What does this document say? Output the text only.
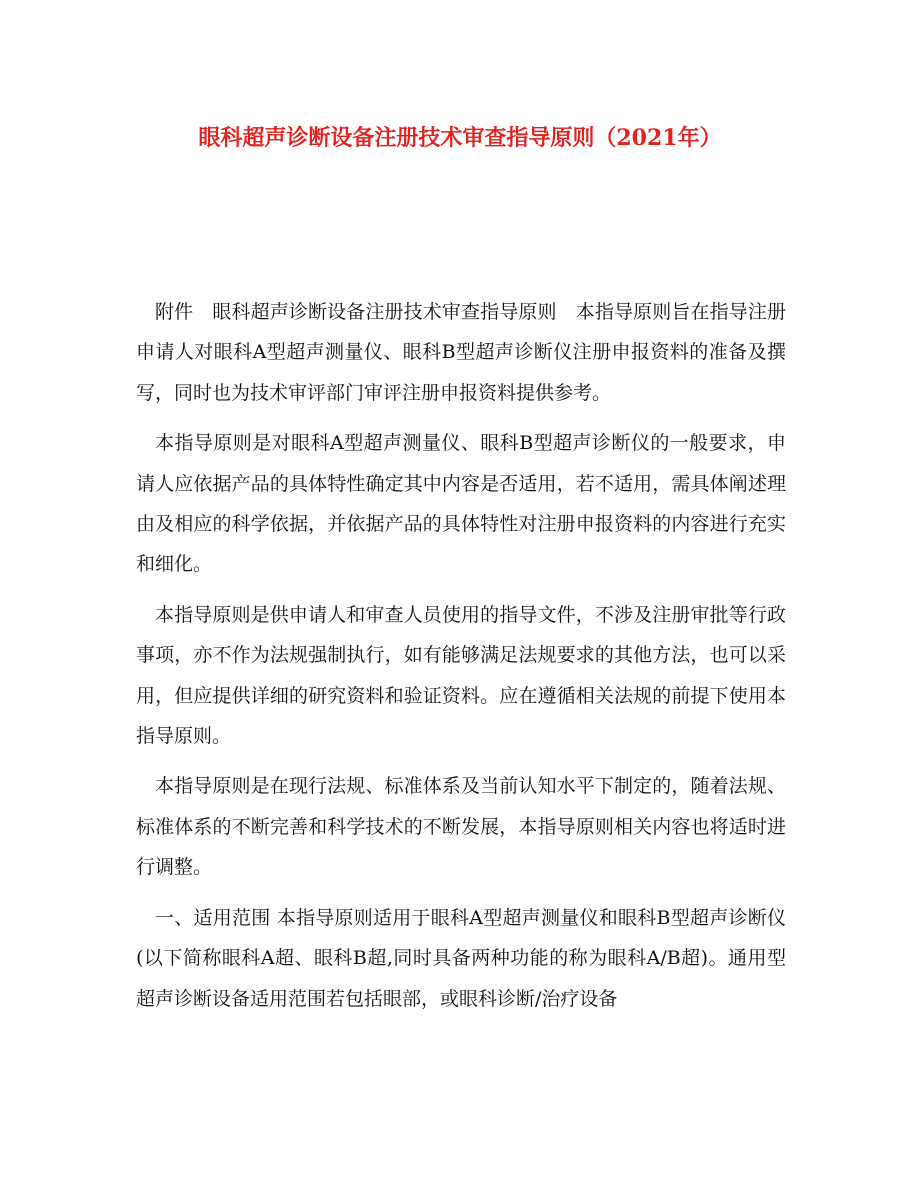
眼科超声诊断设备注册技术审查指导原则（2021年）

附件　眼科超声诊断设备注册技术审查指导原则　本指导原则旨在指导注册申请人对眼科A型超声测量仪、眼科B型超声诊断仪注册申报资料的准备及撰写，同时也为技术审评部门审评注册申报资料提供参考。

本指导原则是对眼科A型超声测量仪、眼科B型超声诊断仪的一般要求，申请人应依据产品的具体特性确定其中内容是否适用，若不适用，需具体阐述理由及相应的科学依据，并依据产品的具体特性对注册申报资料的内容进行充实和细化。

本指导原则是供申请人和审查人员使用的指导文件，不涉及注册审批等行政事项，亦不作为法规强制执行，如有能够满足法规要求的其他方法，也可以采用，但应提供详细的研究资料和验证资料。应在遵循相关法规的前提下使用本指导原则。

本指导原则是在现行法规、标准体系及当前认知水平下制定的，随着法规、标准体系的不断完善和科学技术的不断发展，本指导原则相关内容也将适时进行调整。

一、适用范围 本指导原则适用于眼科A型超声测量仪和眼科B型超声诊断仪(以下简称眼科A超、眼科B超,同时具备两种功能的称为眼科A/B超)。通用型超声诊断设备适用范围若包括眼部，或眼科诊断/治疗设备
